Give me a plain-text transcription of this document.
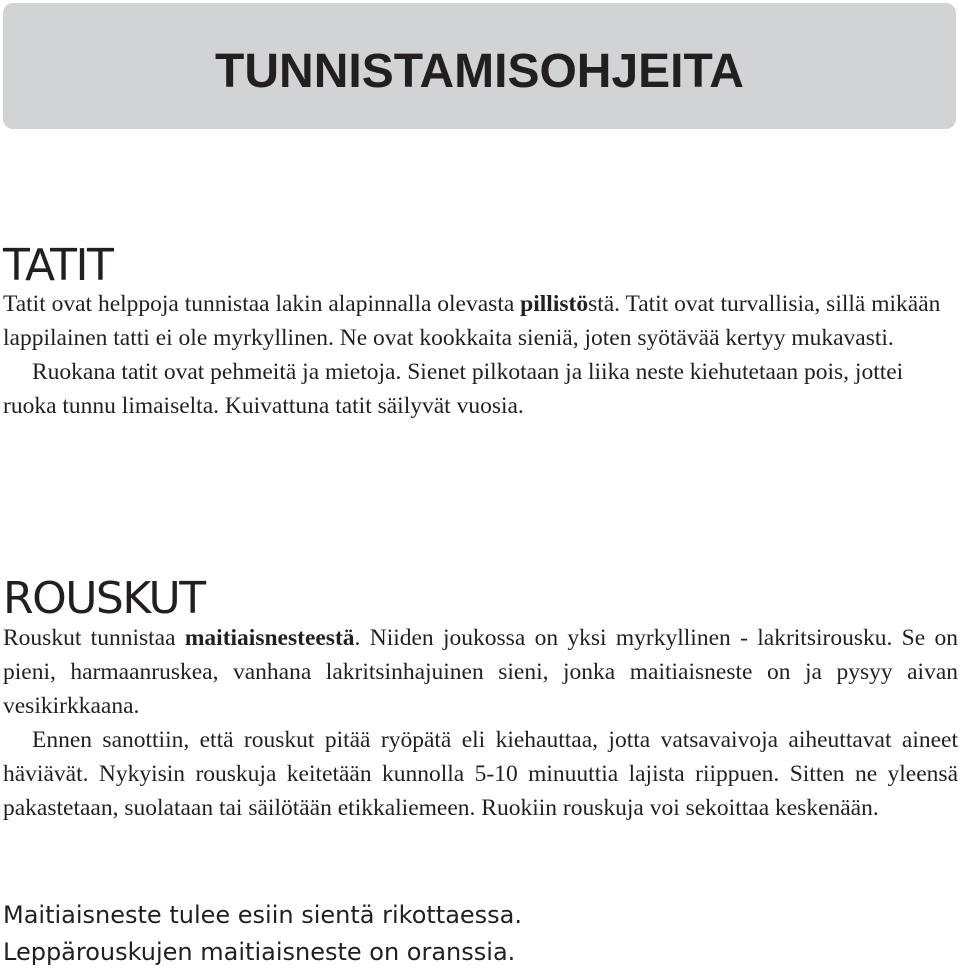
TUNNISTAMISOHJEITA
TATIT

Tatit ovat helppoja tunnistaa lakin alapinnalla olevasta pillistöstä. Tatit ovat turvallisia, sillä mikään lappilainen tatti ei ole myrkyllinen. Ne ovat kookkaita sieniä, joten syötävää kertyy mukavasti.

Ruokana tatit ovat pehmeitä ja mietoja. Sienet pilkotaan ja liika neste kiehutetaan pois, jottei ruoka tunnu limaiselta. Kuivattuna tatit säilyvät vuosia.

ROUSKUT

Rouskut tunnistaa maitiaisnesteestä. Niiden joukossa on yksi myrkyllinen - lakritsirousku. Se on pieni, harmaanruskea, vanhana lakritsinhajuinen sieni, jonka maitiaisneste on ja pysyy aivan vesikirkkaana.

Ennen sanottiin, että rouskut pitää ryöpätä eli kiehauttaa, jotta vatsavaivoja aiheuttavat aineet häviävät. Nykyisin rouskuja keitetään kunnolla 5-10 minuuttia lajista riippuen. Sitten ne yleensä pakastetaan, suolataan tai säilötään etikkaliemeen. Ruokiin rouskuja voi sekoittaa keskenään.

Maitiaisneste tulee esiin sientä rikottaessa.

Leppärouskujen maitiaisneste on oranssia.
